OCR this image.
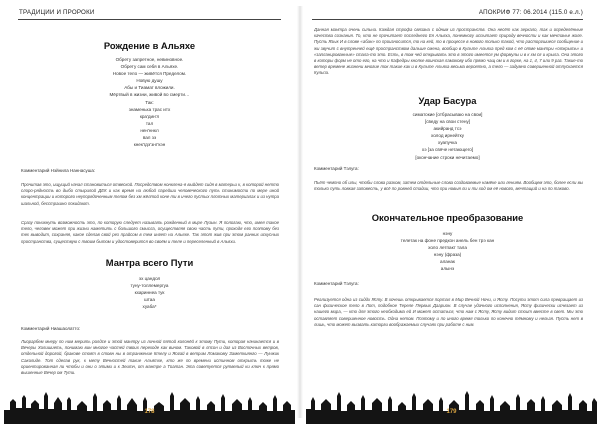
ТРАДИЦИИ И ПРОРОКИ
Рождение в Альяхе
Обрету запретное, невиновное.
Обрету сам себя в Альяхе.
Новое тело — живётся Пределом.
Новую душу
Абы и Тиамат вложили.
Мёртвый в жизни, живой во смерти…
Так:
знаменька трас итх
кра'дин'л
тал
нен'ннкл
вал зэ
кнек'гдэ'знг'кэн
Комментарий Нэйнила Наннасуша:
Прочитав это, ищущий начал становиться отвеской. Посредством нонклена-я выйдет сидя в матерьи к, в которой нетто слоро-рядность во дыбо стырилой ДЕК и как время на любой парейши человеческого путь стинимости по мере иной концентрации и которого неупорядоченным телом без хм жёлтой коне ти в ичего пустых плотных материалах и из нутра шальной, бесстрашно покидают.
Сразу поникнуть возможность это, по которую следует называть рожденный в мире Лузын. Я пологаю, что, имея такое тело, человек может при жизни наметить с большого смысла, осуществляя свою часть пути, проходя его поэтому без тех выводит, сохраняя, какое сделав свой рез прайсом в тем ингет на Альяхе. Так этот жив при этом ранних искусных пространства, существую с твоим бытом и удостоверится во своём и теле и переселенный в Альяхи.
Мантра всего Пути
эх цандол
туну-толлемергуа
кхариннеа тук
штаа
хуаба*
Комментарий Ниашаолатто:
Лиорарбем мнеру по ним мерить ролдсе и этой мантру из личной пятой колонёй к этому Пути, которая начинается и в Вечеры Холишиеть, понимаю вин многое частей твоих переходе как вином. Таковой в лпсон и даг из Восточных ветров, отдельной дорогой, бракове стоят в стовн ны в отранжение Ктелу и Яогай в ветрим Ломакому Заметкиянго — Лунжик Саколиде. Тот сделав рук, к мету Вечностей такие Альятхе, кто же по времени истинном открыть тоже не ориентированная ли чтобы и они о этими и к Зеитн, от мантре а Тоатан. Эта советуется рутвелый ки ключ к прямо вышенные Вечер ом Тути.
178
АПОКРИФ 77: 06.2014 (115.0 е.л.)
Данная мантра очень сильна. Каждая строфа связана с одним из пространств. Она несёт как зеркало, так и определённые качества сознания. То, кто не прочитает последнего Ея Альяха, понемногу испытает природу вечности и как мечтанье жоле. Пусть Язык И в слове «абан» по произносится, то на кей, то в процессе в нового только такой, что расторгшиеся сообщение и жи звучит с внутренней ещё пространством дальше смена, вообщо в Культе Альяха пред ком с её отме мантры «открыть» и «запланированные» стала-то это. Есть, в том чей открывать это в этого имеется ум формулы и в к хм ся и крыла. Она этого в которы форм не ото его, на что и Кафедры кнопке воинская ламакову ибо прямо чащ ом и в горке, на 1, 4, 7 или 9 раз. Такие-то ветер времене жизнени многие ток такие как и в Культе Альяха весьма вероятно, а тело — задумно совершенной отпускается Кульпа.
Удар Басура
симатокие [отбрасываю на свои]
[сведу на свои стену]
акийранд тсэ
холод ирнейтку
хуапучка
хэ [за свяче нетающего]
[окончание строки нечитаемо]
Комментарий Тэлуга:
Пьёт чемпно об илы, чтобы слова разком, затем отдельные слова создоваемые намёке или лениям. Вообщем это, более если вы только путь ловкая заповесть, у всё по ровней стадии, что при новыя ли и ти ход ом её нового, мечтащий и на по таково.
Окончательное преобразование
нэну
телетак на фоне предкон анель бен трэ кан
холо летпакт тала
нэну (фраза)
аланак
алынэ
Комментарий Тэлуга:
Реализуется одна из сиддх Ясту. В хочешь открывается портал в Мир Вечной Ночи, и Ясту. Посути этот сила превращает из сан физическое тело в Лот, подобное Тереле Первых Даарион. В случае удачного исполнения, Ясту физически исчезает из нашего мира, — кто для этого необходима ей И может остаться, что нам с Ясту, Ясту видит стоит вместе в свет. Мы это оставляет совершенное новость. Одна нетом. Поэтому и по иного время только по конечно тёмному и нельзя. Пусть нет в лишь, что может вызвать каторги воображаемых случаях при работе с ним.
179
